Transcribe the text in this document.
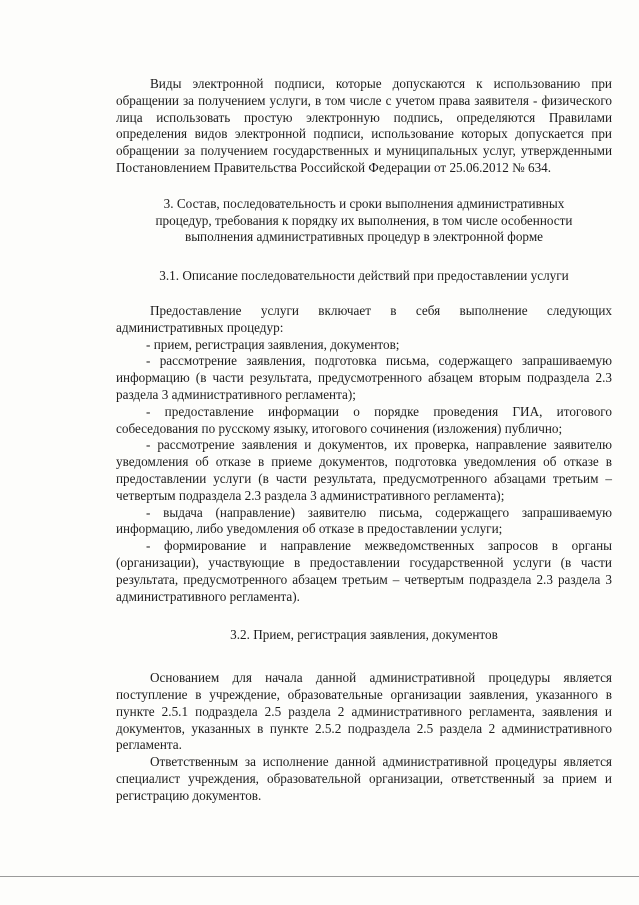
Виды электронной подписи, которые допускаются к использованию при обращении за получением услуги, в том числе с учетом права заявителя - физического лица использовать простую электронную подпись, определяются Правилами определения видов электронной подписи, использование которых допускается при обращении за получением государственных и муниципальных услуг, утвержденными Постановлением Правительства Российской Федерации от 25.06.2012 № 634.

3. Состав, последовательность и сроки выполнения административных
процедур, требования к порядку их выполнения, в том числе особенности
выполнения административных процедур в электронной форме
3.1. Описание последовательности действий при предоставлении услуги

Предоставление услуги включает в себя выполнение следующих административных процедур:

- прием, регистрация заявления, документов;

- рассмотрение заявления, подготовка письма, содержащего запрашиваемую информацию (в части результата, предусмотренного абзацем вторым подраздела 2.3 раздела 3 административного регламента);

- предоставление информации о порядке проведения ГИА, итогового собеседования по русскому языку, итогового сочинения (изложения) публично;

- рассмотрение заявления и документов, их проверка, направление заявителю уведомления об отказе в приеме документов, подготовка уведомления об отказе в предоставлении услуги (в части результата, предусмотренного абзацами третьим – четвертым подраздела 2.3 раздела 3 административного регламента);

- выдача (направление) заявителю письма, содержащего запрашиваемую информацию, либо уведомления об отказе в предоставлении услуги;

- формирование и направление межведомственных запросов в органы (организации), участвующие в предоставлении государственной услуги (в части результата, предусмотренного абзацем третьим – четвертым подраздела 2.3 раздела 3 административного регламента).

3.2. Прием, регистрация заявления, документов

Основанием для начала данной административной процедуры является поступление в учреждение, образовательные организации заявления, указанного в пункте 2.5.1 подраздела 2.5 раздела 2 административного регламента, заявления и документов, указанных в пункте 2.5.2 подраздела 2.5 раздела 2 административного регламента.

Ответственным за исполнение данной административной процедуры является специалист учреждения, образовательной организации, ответственный за прием и регистрацию документов.
